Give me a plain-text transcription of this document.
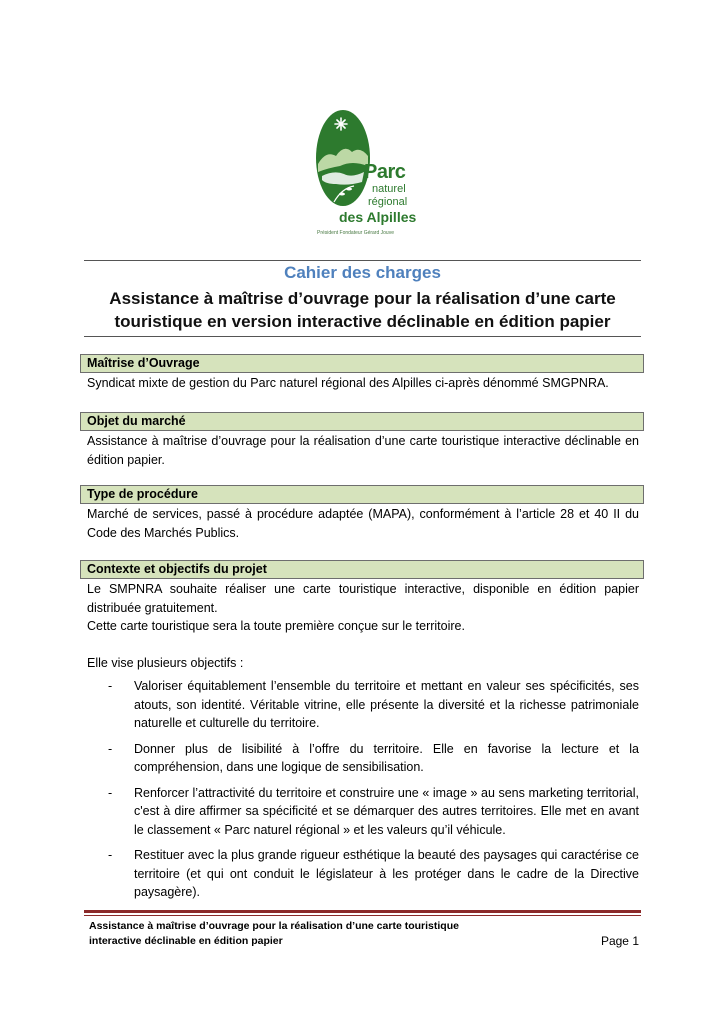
Parc
naturel
régional
des Alpilles
Président Fondateur Gérard Jouve
Cahier des charges
Assistance à maîtrise d’ouvrage pour la réalisation d’une carte touristique en version interactive déclinable en édition papier
Maîtrise d’Ouvrage

Syndicat mixte de gestion du Parc naturel régional des Alpilles ci-après dénommé SMGPNRA.

Objet du marché

Assistance à maîtrise d’ouvrage pour la réalisation d’une carte touristique interactive déclinable en édition papier.

Type de procédure

Marché de services, passé à procédure adaptée (MAPA), conformément à l’article 28 et 40 II du Code des Marchés Publics.

Contexte et objectifs du projet

Le SMPNRA souhaite réaliser une carte touristique interactive, disponible en édition papier distribuée gratuitement.

Cette carte touristique sera la toute première conçue sur le territoire.

Elle vise plusieurs objectifs :

- Valoriser équitablement l’ensemble du territoire et mettant en valeur ses spécificités, ses atouts, son identité. Véritable vitrine, elle présente la diversité et la richesse patrimoniale naturelle et culturelle du territoire.
- Donner plus de lisibilité à l’offre du territoire. Elle en favorise la lecture et la compréhension, dans une logique de sensibilisation.
- Renforcer l’attractivité du territoire et construire une « image » au sens marketing territorial, c'est à dire affirmer sa spécificité et se démarquer des autres territoires. Elle met en avant le classement « Parc naturel régional » et les valeurs qu’il véhicule.
- Restituer avec la plus grande rigueur esthétique la beauté des paysages qui caractérise ce territoire (et qui ont conduit le législateur à les protéger dans le cadre de la Directive paysagère).
Assistance à maîtrise d’ouvrage pour la réalisation d’une carte touristique interactive déclinable en édition papier	Page 1
